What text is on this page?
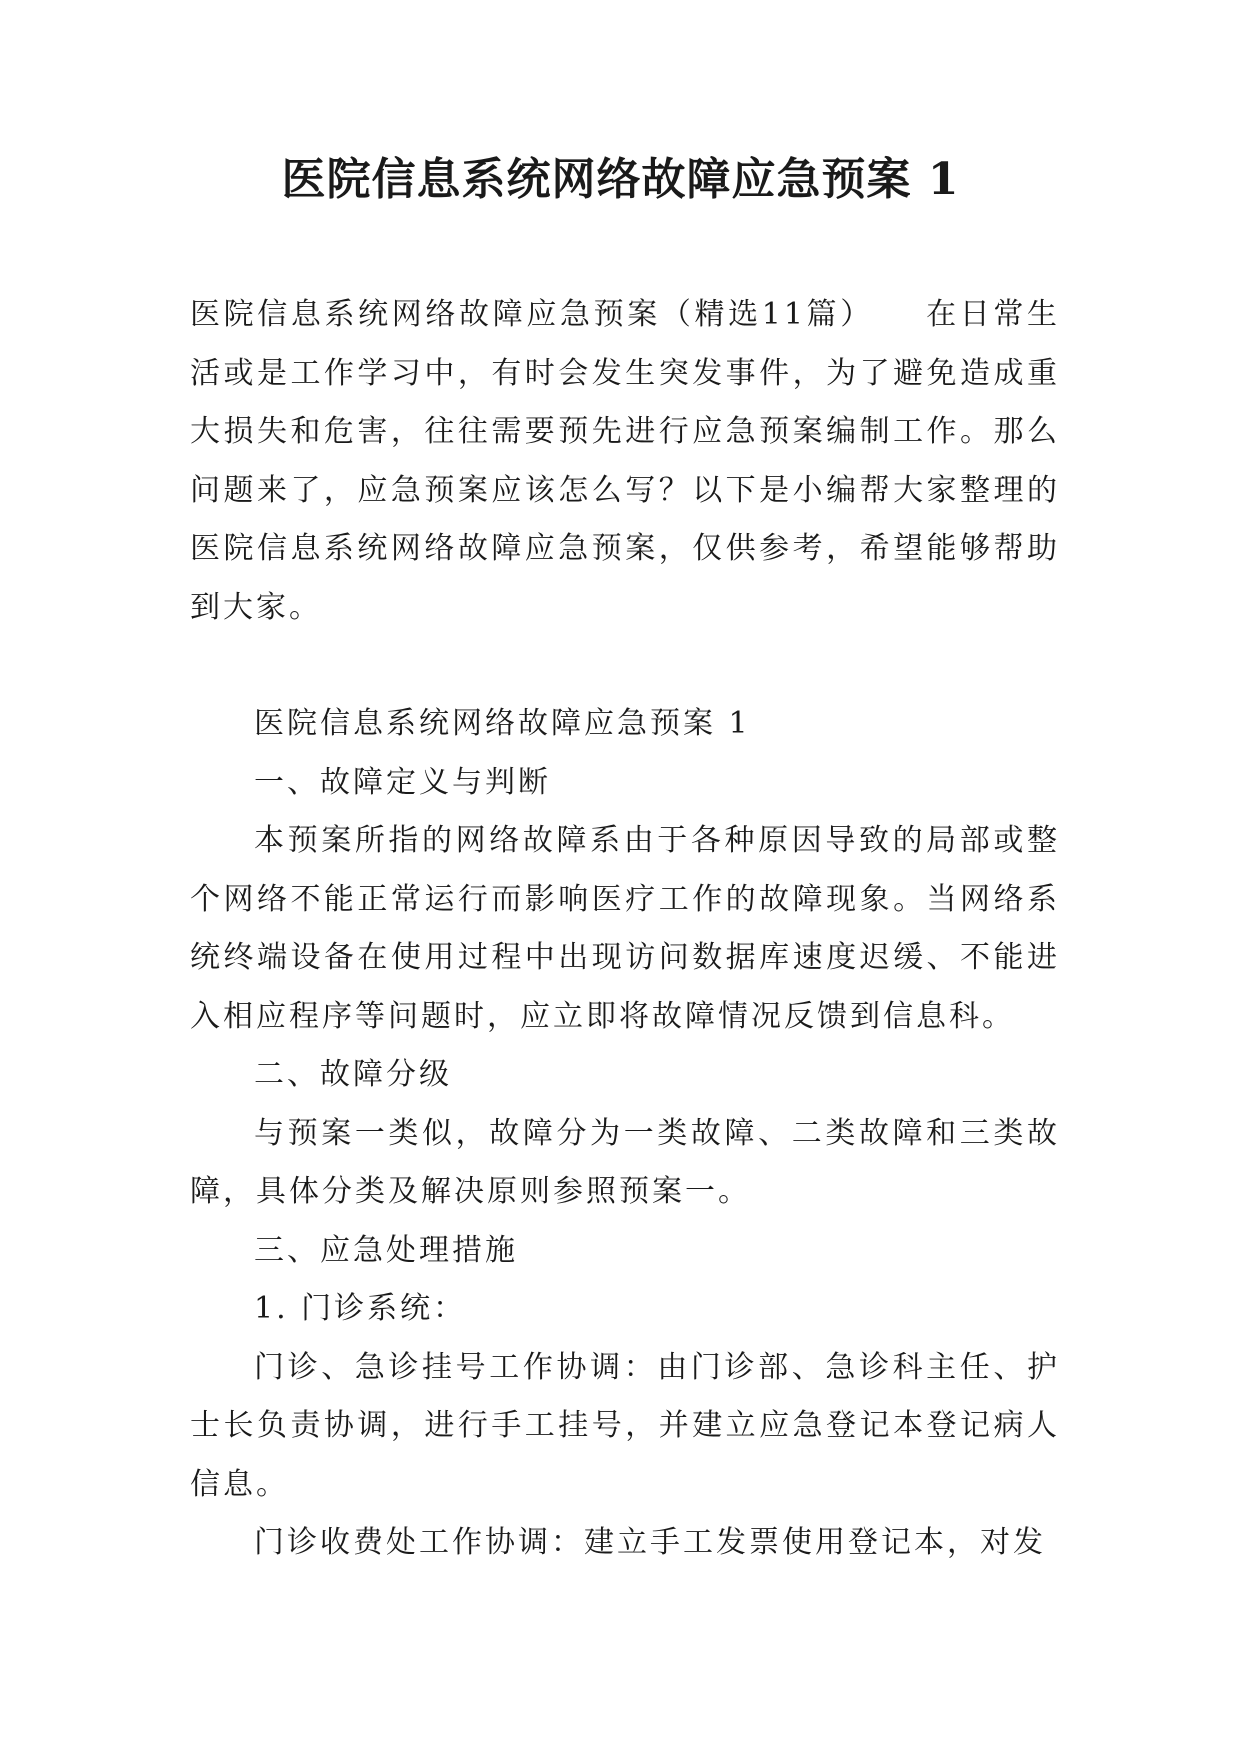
医院信息系统网络故障应急预案 1

医院信息系统网络故障应急预案（精选11篇）　　在日常生活或是工作学习中，有时会发生突发事件，为了避免造成重大损失和危害，往往需要预先进行应急预案编制工作。那么问题来了，应急预案应该怎么写？以下是小编帮大家整理的医院信息系统网络故障应急预案，仅供参考，希望能够帮助到大家。

医院信息系统网络故障应急预案 1

一、故障定义与判断

本预案所指的网络故障系由于各种原因导致的局部或整个网络不能正常运行而影响医疗工作的故障现象。当网络系统终端设备在使用过程中出现访问数据库速度迟缓、不能进入相应程序等问题时，应立即将故障情况反馈到信息科。

二、故障分级

与预案一类似，故障分为一类故障、二类故障和三类故障，具体分类及解决原则参照预案一。

三、应急处理措施

1. 门诊系统：

门诊、急诊挂号工作协调：由门诊部、急诊科主任、护士长负责协调，进行手工挂号，并建立应急登记本登记病人信息。

门诊收费处工作协调：建立手工发票使用登记本，对发
